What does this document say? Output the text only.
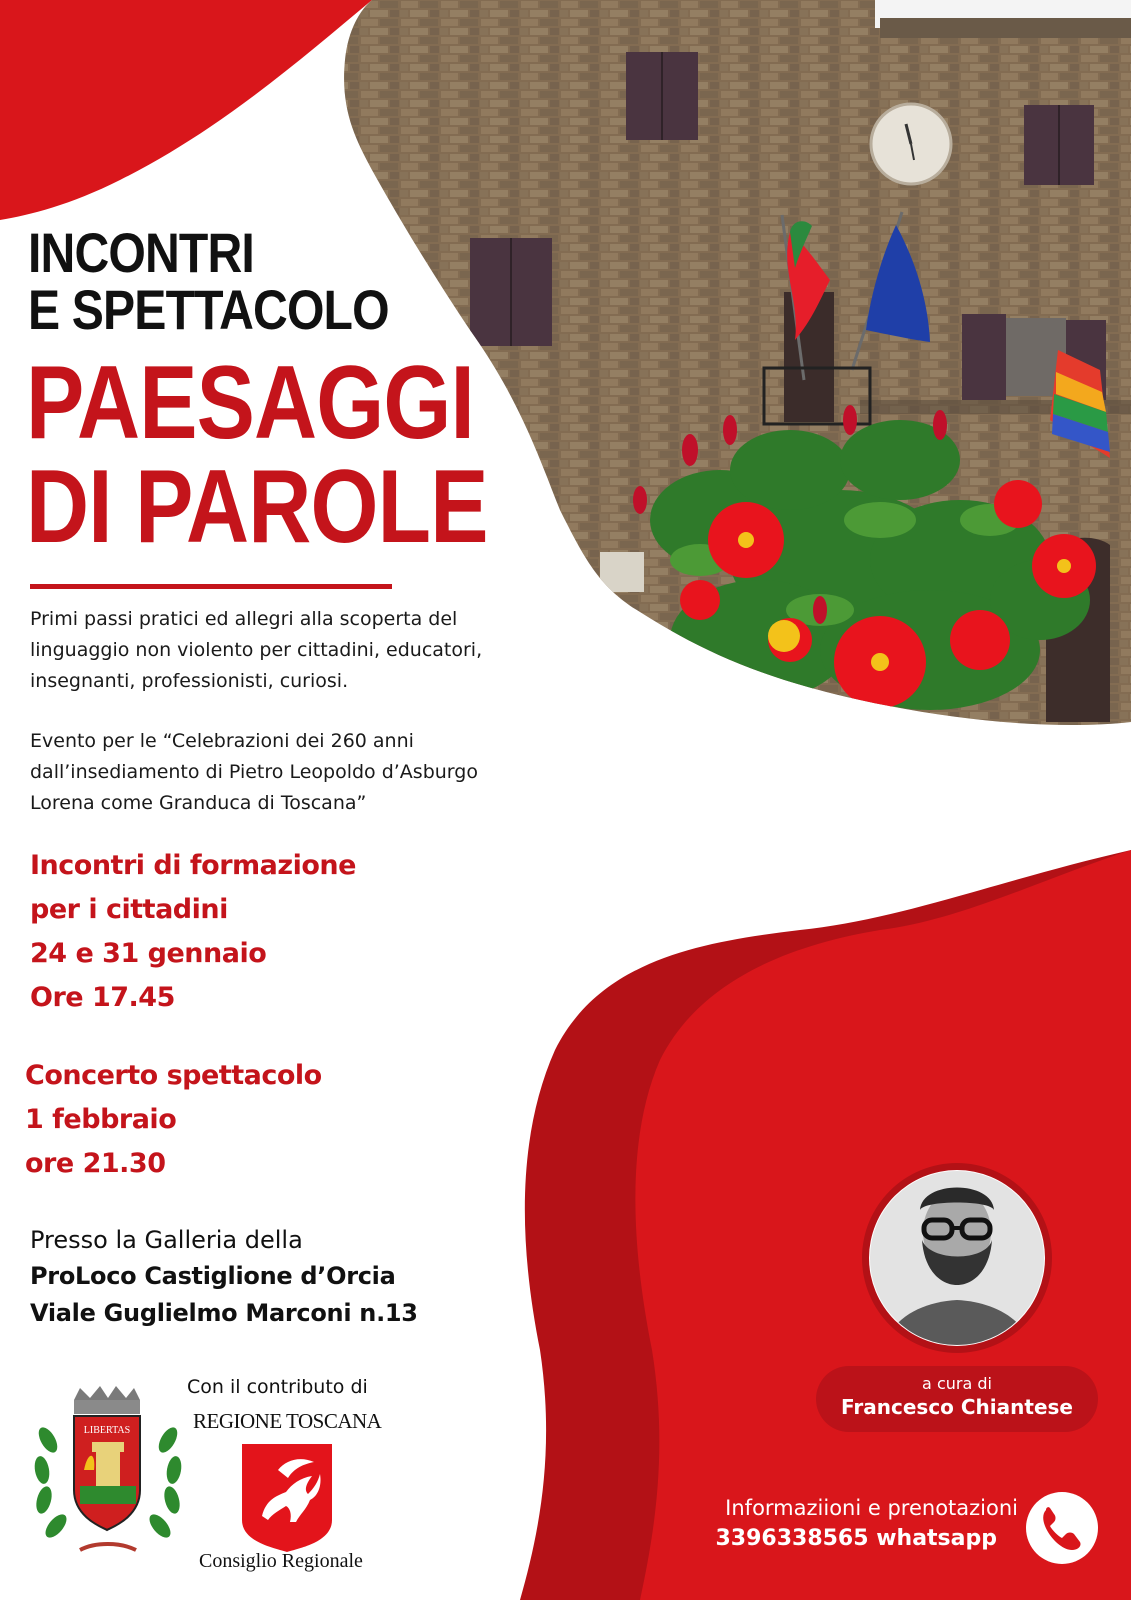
LIBERTAS
INCONTRI
E SPETTACOLO
PAESAGGI
DI PAROLE
Primi passi pratici ed allegri alla scoperta del
linguaggio non violento per cittadini, educatori,
insegnanti, professionisti, curiosi.
Evento per le “Celebrazioni dei 260 anni
dall’insediamento di Pietro Leopoldo d’Asburgo
Lorena come Granduca di Toscana”
Incontri di formazione
per i cittadini
24 e 31 gennaio
Ore 17.45
Concerto spettacolo
1 febbraio
ore 21.30
Presso la Galleria della
ProLoco Castiglione d’Orcia
Viale Guglielmo Marconi n.13
Con il contributo di
REGIONE TOSCANA
Consiglio Regionale
a cura di
Francesco Chiantese
Informaziioni e prenotazioni
3396338565 whatsapp
